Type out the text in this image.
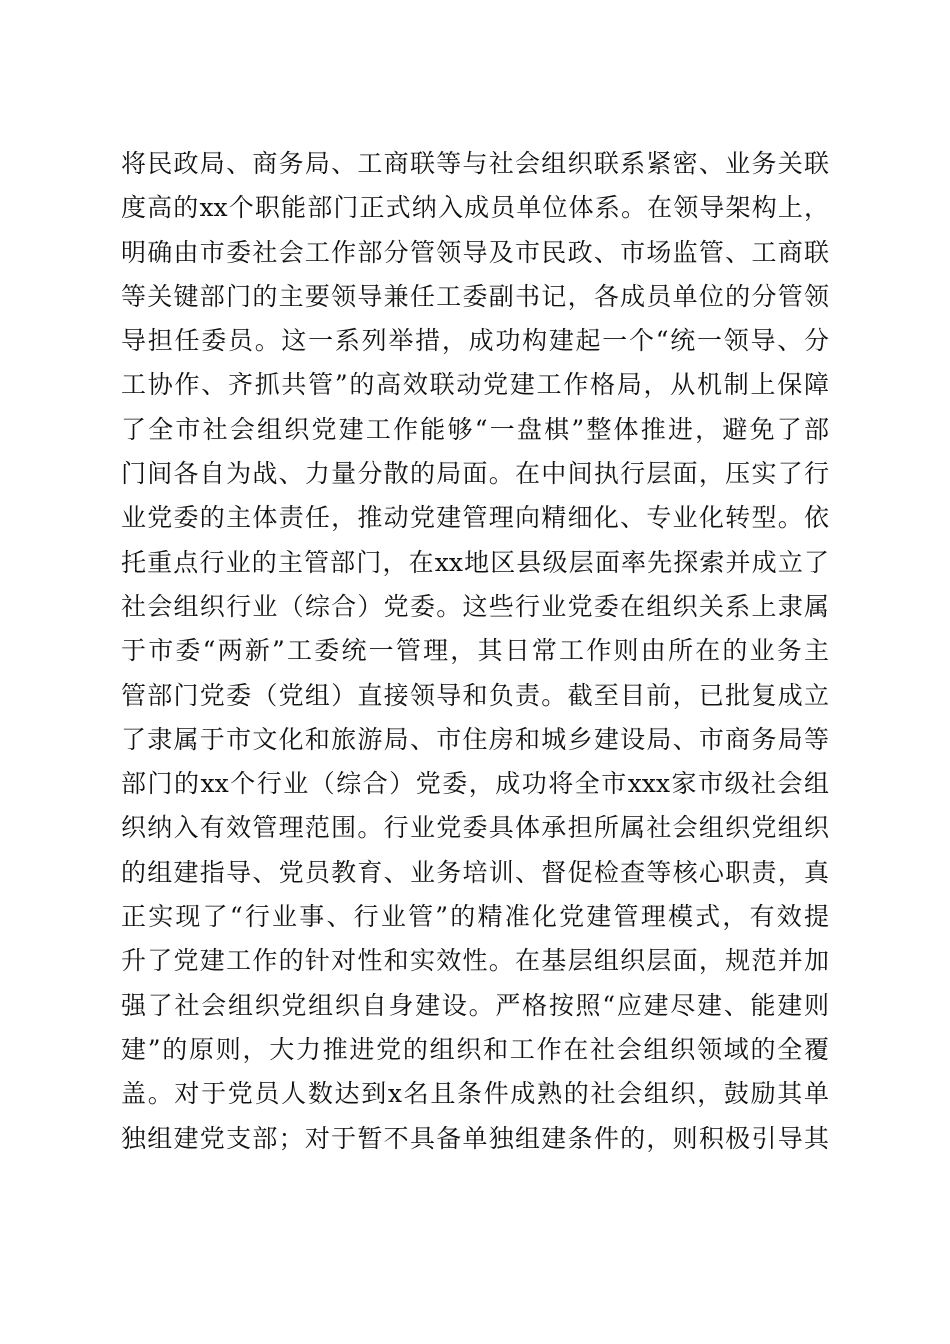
将民政局、商务局、工商联等与社会组织联系紧密、业务关联
度高的xx个职能部门正式纳入成员单位体系。在领导架构上，
明确由市委社会工作部分管领导及市民政、市场监管、工商联
等关键部门的主要领导兼任工委副书记，各成员单位的分管领
导担任委员。这一系列举措，成功构建起一个“统一领导、分
工协作、齐抓共管”的高效联动党建工作格局，从机制上保障
了全市社会组织党建工作能够“一盘棋”整体推进，避免了部
门间各自为战、力量分散的局面。在中间执行层面，压实了行
业党委的主体责任，推动党建管理向精细化、专业化转型。依
托重点行业的主管部门，在xx地区县级层面率先探索并成立了
社会组织行业（综合）党委。这些行业党委在组织关系上隶属
于市委“两新”工委统一管理，其日常工作则由所在的业务主
管部门党委（党组）直接领导和负责。截至目前，已批复成立
了隶属于市文化和旅游局、市住房和城乡建设局、市商务局等
部门的xx个行业（综合）党委，成功将全市xxx家市级社会组
织纳入有效管理范围。行业党委具体承担所属社会组织党组织
的组建指导、党员教育、业务培训、督促检查等核心职责，真
正实现了“行业事、行业管”的精准化党建管理模式，有效提
升了党建工作的针对性和实效性。在基层组织层面，规范并加
强了社会组织党组织自身建设。严格按照“应建尽建、能建则
建”的原则，大力推进党的组织和工作在社会组织领域的全覆
盖。对于党员人数达到x名且条件成熟的社会组织，鼓励其单
独组建党支部；对于暂不具备单独组建条件的，则积极引导其
